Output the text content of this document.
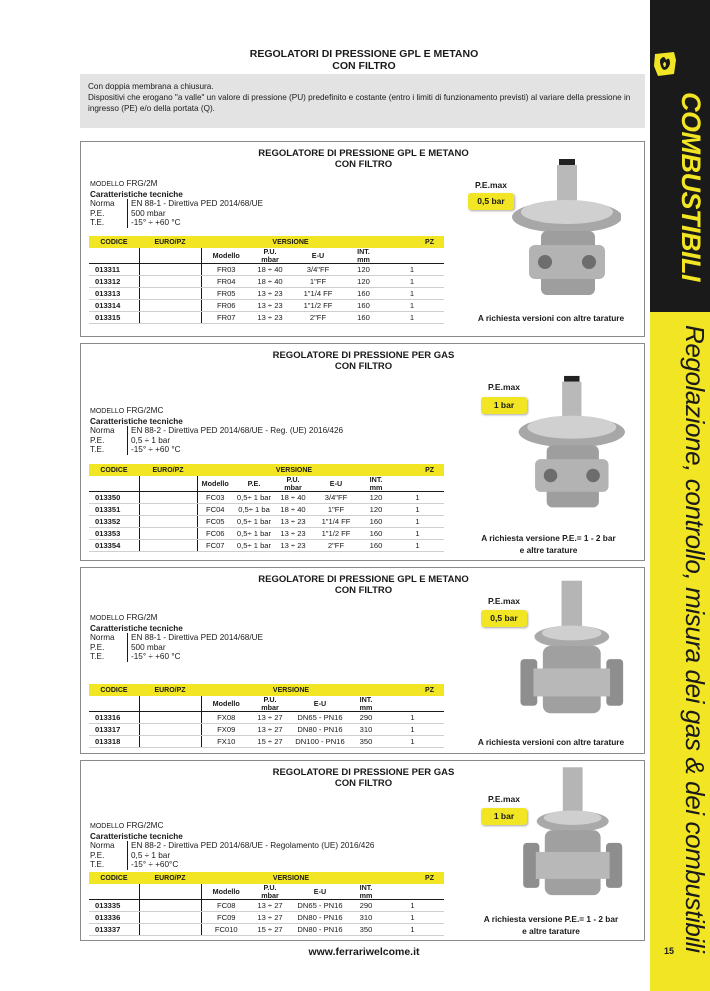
REGOLATORI DI PRESSIONE GPL E METANO
CON FILTRO
Con doppia membrana a chiusura.
Dispositivi che erogano "a valle" un valore di pressione (PU) predefinito e costante (entro i limiti di funzionamento previsti) al variare della pressione in ingresso (PE) e/o della portata (Q).	COMBUSTIBILI
Regolazione, controllo, misura dei gas & dei combustibili
15
REGOLATORE DI PRESSIONE GPL E METANO
CON FILTRO
MODELLO FRG/2M
Caratteristiche tecniche
Norma	EN 88-1 - Direttiva PED 2014/68/UE
P.E.	500 mbar
T.E.	-15° ÷ +60 °C
CODICE	EURO/PZ	VERSIONE				PZ
		Modello	P.U.
mbar	E-U	INT.
mm	
013311		FR03	18 ÷ 40	3/4"FF	120	1
013312		FR04	18 ÷ 40	1"FF	120	1
013313		FR05	13 ÷ 23	1"1/4 FF	160	1
013314		FR06	13 ÷ 23	1"1/2 FF	160	1
013315		FR07	13 ÷ 23	2"FF	160	1
P.E.max
0,5 bar
A richiesta versioni con altre tarature
REGOLATORE DI PRESSIONE PER GAS
CON FILTRO
MODELLO FRG/2MC
Caratteristiche tecniche
Norma	EN 88-2 - Direttiva PED 2014/68/UE - Reg. (UE) 2016/426
P.E.	0,5 ÷ 1 bar
T.E.	-15° ÷ +60 °C
CODICE	EURO/PZ	VERSIONE					PZ
		Modello	P.E.	P.U.
mbar	E-U	INT.
mm	
013350		FC03	0,5÷ 1 bar	18 ÷ 40	3/4"FF	120	1
013351		FC04	0,5÷ 1 ba	18 ÷ 40	1"FF	120	1
013352		FC05	0,5÷ 1 bar	13 ÷ 23	1"1/4 FF	160	1
013353		FC06	0,5÷ 1 bar	13 ÷ 23	1"1/2 FF	160	1
013354		FC07	0,5÷ 1 bar	13 ÷ 23	2"FF	160	1
P.E.max
1 bar
A richiesta versione P.E.= 1 - 2 bar
e altre tarature
REGOLATORE DI PRESSIONE GPL E METANO
CON FILTRO
MODELLO FRG/2M
Caratteristiche tecniche
Norma	EN 88-1 - Direttiva PED 2014/68/UE
P.E.	500 mbar
T.E.	-15° ÷ +60 °C
CODICE	EURO/PZ	VERSIONE				PZ
		Modello	P.U.
mbar	E-U	INT.
mm	
013316		FX08	13 ÷ 27	DN65 - PN16	290	1
013317		FX09	13 ÷ 27	DN80 - PN16	310	1
013318		FX10	15 ÷ 27	DN100 - PN16	350	1
P.E.max
0,5 bar
A richiesta versioni con altre tarature
REGOLATORE DI PRESSIONE PER GAS
CON FILTRO
MODELLO FRG/2MC
Caratteristiche tecniche
Norma	EN 88-2 - Direttiva PED 2014/68/UE - Regolamento (UE) 2016/426
P.E.	0,5 ÷ 1 bar
T.E.	-15° ÷ +60°C
CODICE	EURO/PZ	VERSIONE				PZ
		Modello	P.U.
mbar	E-U	INT.
mm	
013335		FC08	13 ÷ 27	DN65 - PN16	290	1
013336		FC09	13 ÷ 27	DN80 - PN16	310	1
013337		FC010	15 ÷ 27	DN80 - PN16	350	1
P.E.max
1 bar
A richiesta versione P.E.= 1 - 2 bar
e altre tarature
www.ferrariwelcome.it
